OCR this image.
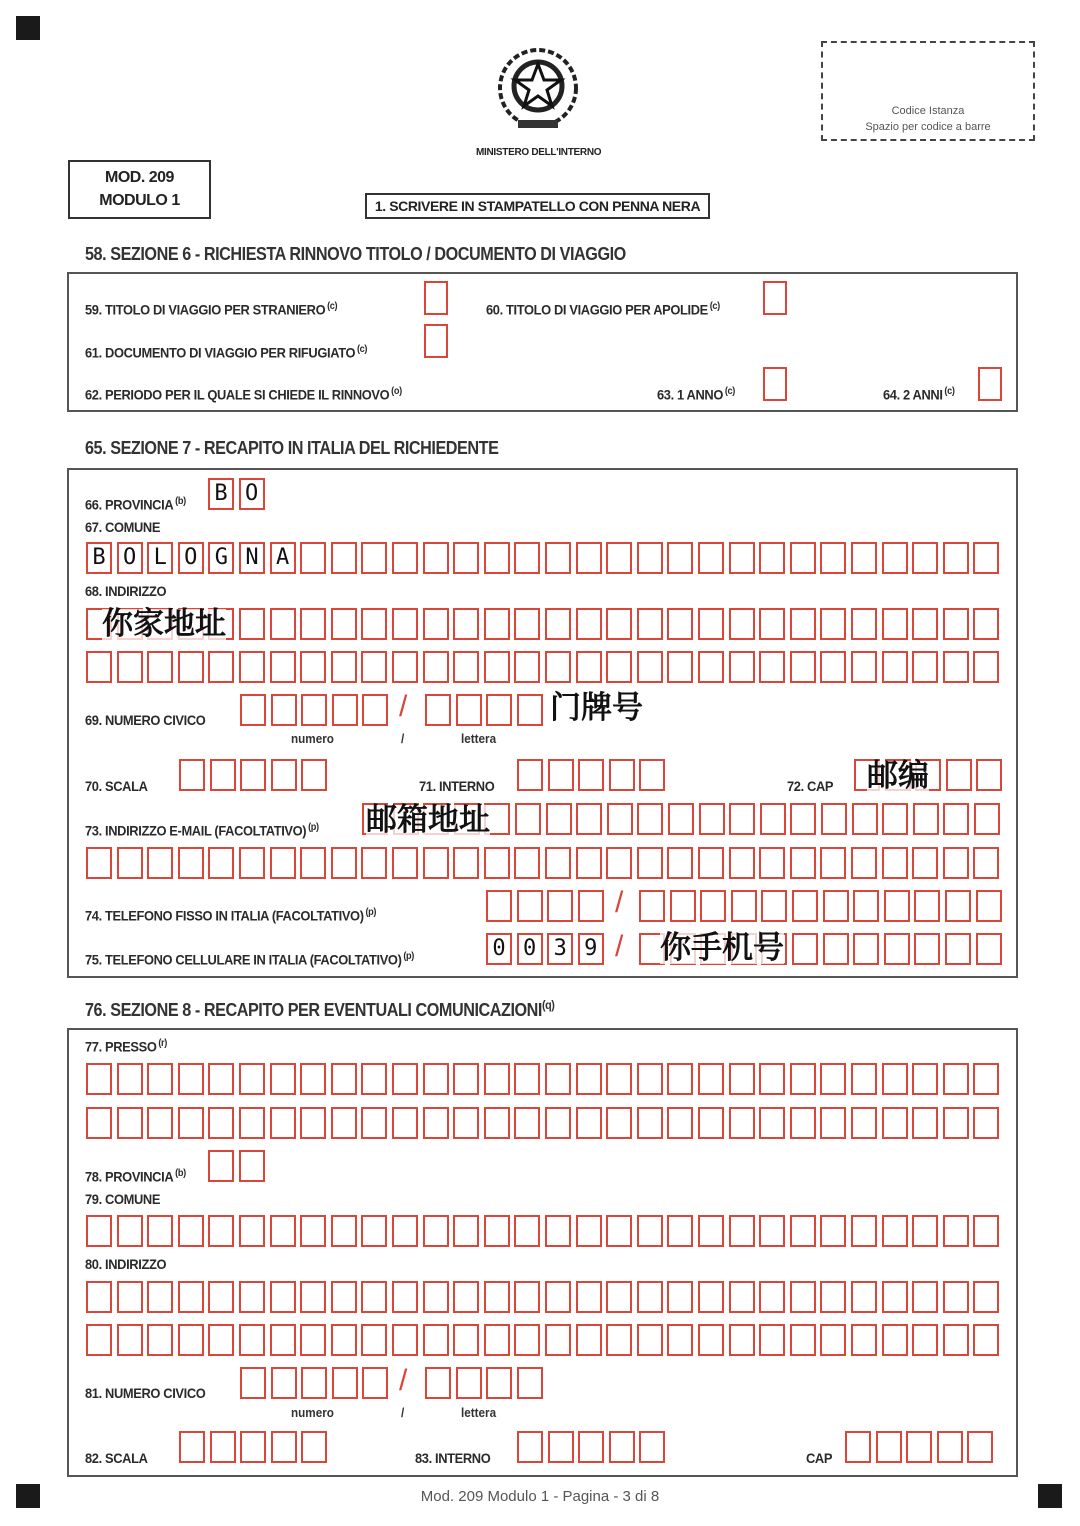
MINISTERO DELL'INTERNO
Codice Istanza
Spazio per codice a barre
MOD. 209
MODULO 1	1. SCRIVERE IN STAMPATELLO CON PENNA NERA
58. SEZIONE 6 - RICHIESTA RINNOVO TITOLO / DOCUMENTO DI VIAGGIO
59. TITOLO DI VIAGGIO PER STRANIERO $^{(c)}$	60. TITOLO DI VIAGGIO PER APOLIDE $^{(c)}$
61. DOCUMENTO DI VIAGGIO PER RIFUGIATO $^{(c)}$
62. PERIODO PER IL QUALE SI CHIEDE IL RINNOVO $^{(o)}$	63. 1 ANNO $^{(c)}$	64. 2 ANNI $^{(c)}$
65. SEZIONE 7 - RECAPITO IN ITALIA DEL RICHIEDENTE
66. PROVINCIA $^{(b)}$ B O
67. COMUNE
B O L O G N A
68. INDIRIZZO
你家地址
69. NUMERO CIVICO	/
numero	/	lettera
门牌号
70. SCALA	71. INTERNO	72. CAP 邮编
73. INDIRIZZO E-MAIL (FACOLTATIVO) $^{(p)}$ 邮箱地址
74. TELEFONO FISSO IN ITALIA (FACOLTATIVO) $^{(p)}$	/
75. TELEFONO CELLULARE IN ITALIA (FACOLTATIVO) $^{(p)}$	0 0 3 9 / 你手机号
76. SEZIONE 8 - RECAPITO PER EVENTUALI COMUNICAZIONI$^{(q)}$
77. PRESSO $^{(r)}$
78. PROVINCIA $^{(b)}$
79. COMUNE
80. INDIRIZZO
81. NUMERO CIVICO	/
numero	/	lettera
82. SCALA	83. INTERNO	CAP
Mod. 209 Modulo 1 - Pagina - 3 di 8
